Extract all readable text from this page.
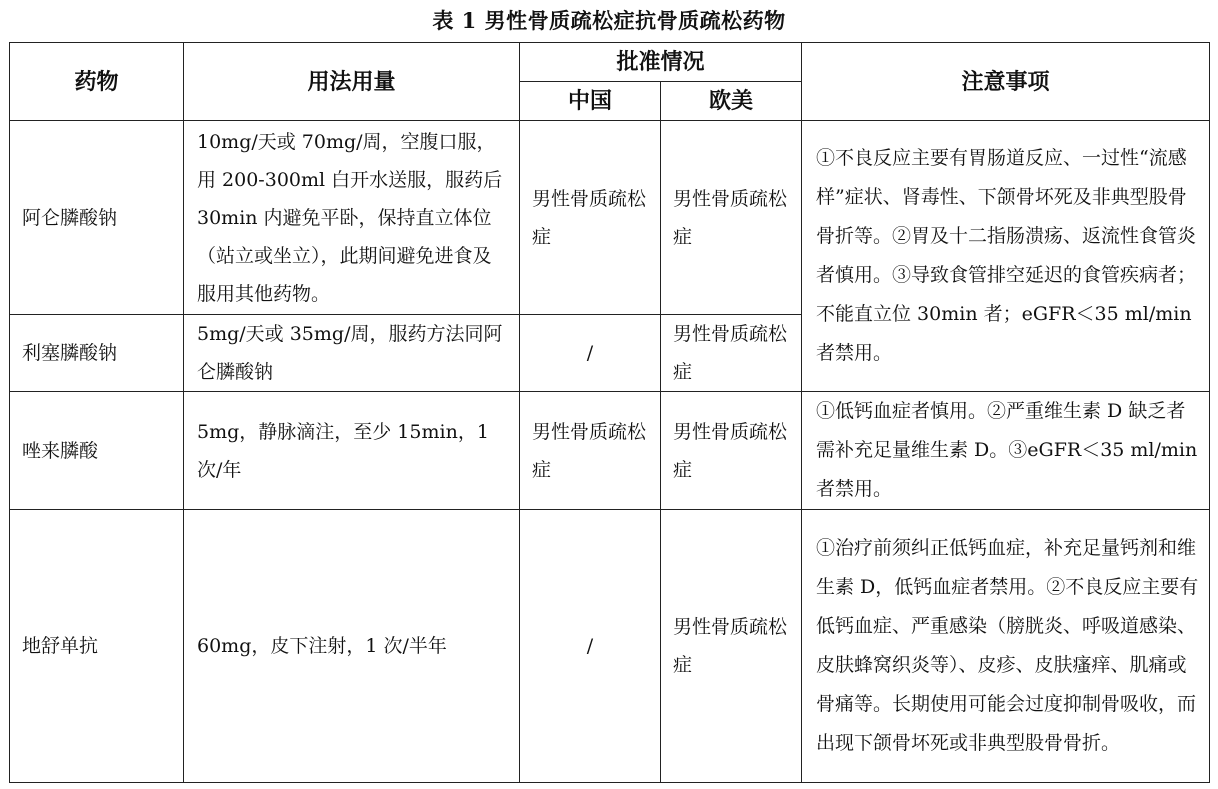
表 1 男性骨质疏松症抗骨质疏松药物
药物	用法用量	批准情况		注意事项
		中国	欧美	
阿仑膦酸钠	10mg/天或 70mg/周，空腹口服，用 200-300ml 白开水送服，服药后 30min 内避免平卧，保持直立体位（站立或坐立），此期间避免进食及服用其他药物。	男性骨质疏松症	男性骨质疏松症	①不良反应主要有胃肠道反应、一过性“流感样”症状、肾毒性、下颌骨坏死及非典型股骨骨折等。②胃及十二指肠溃疡、返流性食管炎者慎用。③导致食管排空延迟的食管疾病者；不能直立位 30min 者；eGFR＜35 ml/min 者禁用。
利塞膦酸钠	5mg/天或 35mg/周，服药方法同阿仑膦酸钠	/	男性骨质疏松症	
唑来膦酸	5mg，静脉滴注，至少 15min，1 次/年	男性骨质疏松症	男性骨质疏松症	①低钙血症者慎用。②严重维生素 D 缺乏者需补充足量维生素 D。③eGFR＜35 ml/min 者禁用。
地舒单抗	60mg，皮下注射，1 次/半年	/	男性骨质疏松症	①治疗前须纠正低钙血症，补充足量钙剂和维生素 D，低钙血症者禁用。②不良反应主要有低钙血症、严重感染（膀胱炎、呼吸道感染、皮肤蜂窝织炎等）、皮疹、皮肤瘙痒、肌痛或骨痛等。长期使用可能会过度抑制骨吸收，而出现下颌骨坏死或非典型股骨骨折。
